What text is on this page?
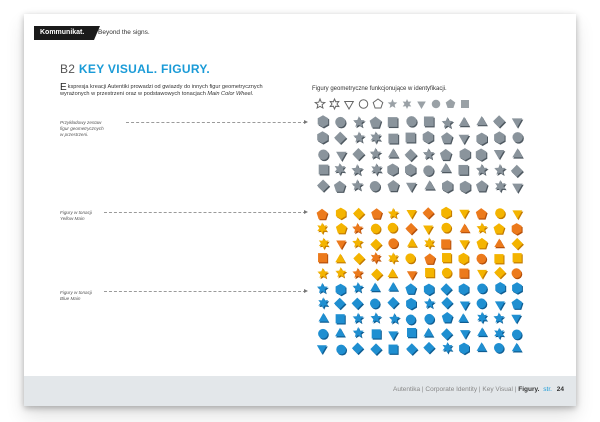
Kommunikat.	Beyond the signs.
B2 KEY VISUAL. FIGURY.
Ekspresja kreacji Autentiki prowadzi od gwiazdy do innych figur geometrycznych wyrażonych w przestrzeni oraz w podstawowych tonacjach Main Color Wheel.
Przykładowy zestaw
figur geometrycznych
w przestrzeni.
Figury w tonacji
Yellow Main
Figury w tonacji
Blue Main
Figury geometryczne funkcjonujące w identyfikacji.
Autentika | Corporate Identity | Key Visual | Figury. str. 24
